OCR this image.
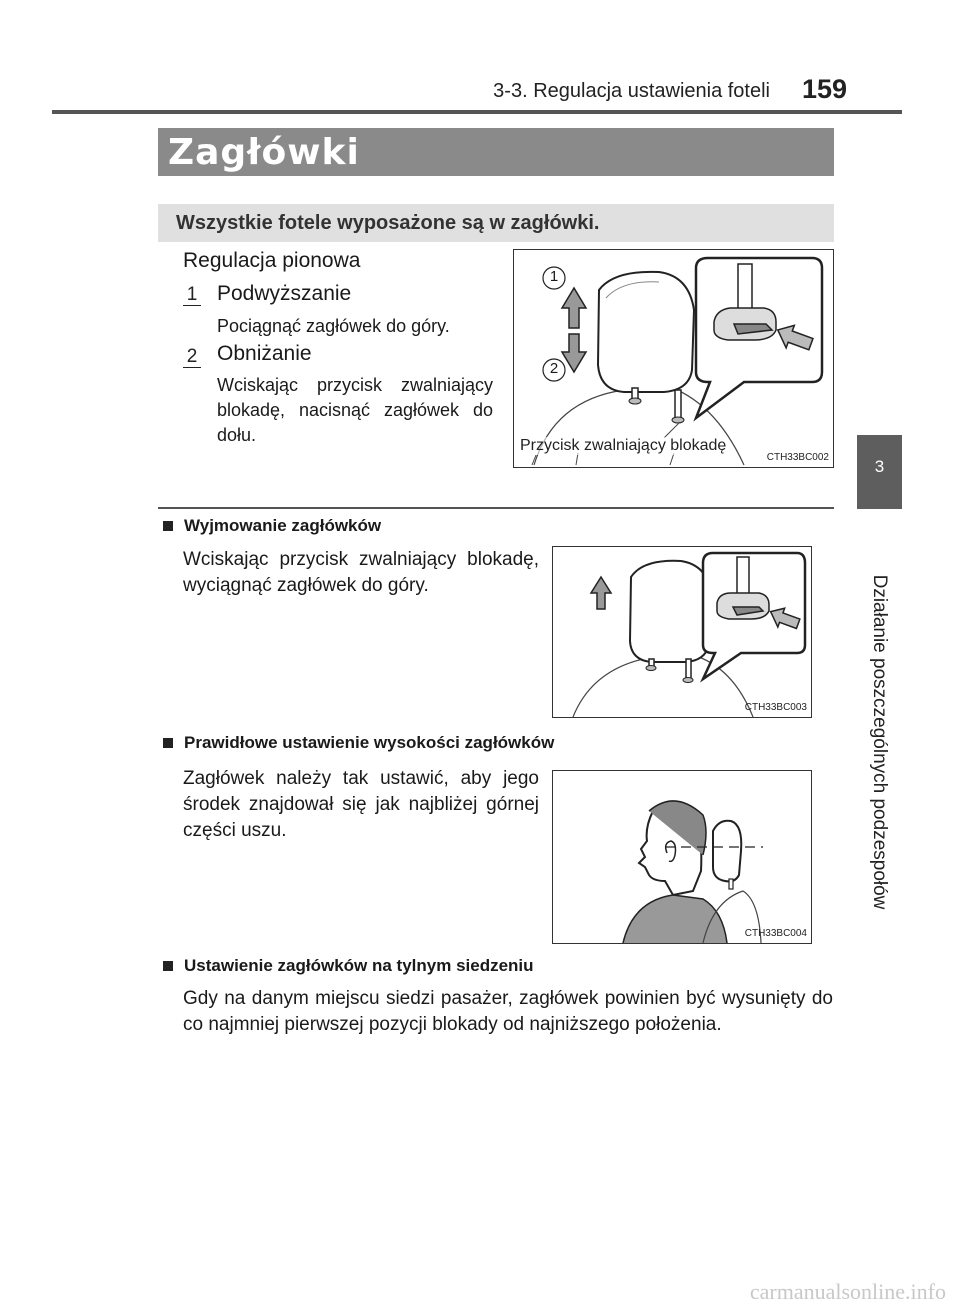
3-3. Regulacja ustawienia foteli 159
Zagłówki
Wszystkie fotele wyposażone są w zagłówki.
3
Działanie poszczególnych podzespołów
Regulacja pionowa
1 Podwyższanie
Pociągnąć zagłówek do góry.
2 Obniżanie
Wciskając przycisk zwalniający blokadę, nacisnąć zagłówek do dołu.
1
2
Przycisk zwalniający blokadę
CTH33BC002
Wyjmowanie zagłówków
Wciskając przycisk zwalniający blokadę, wyciągnąć zagłówek do góry.
CTH33BC003
Prawidłowe ustawienie wysokości zagłówków
Zagłówek należy tak ustawić, aby jego środek znajdował się jak najbliżej górnej części uszu.
CTH33BC004
Ustawienie zagłówków na tylnym siedzeniu
Gdy na danym miejscu siedzi pasażer, zagłówek powinien być wysunięty do co najmniej pierwszej pozycji blokady od najniższego położenia.
carmanualsonline.info
